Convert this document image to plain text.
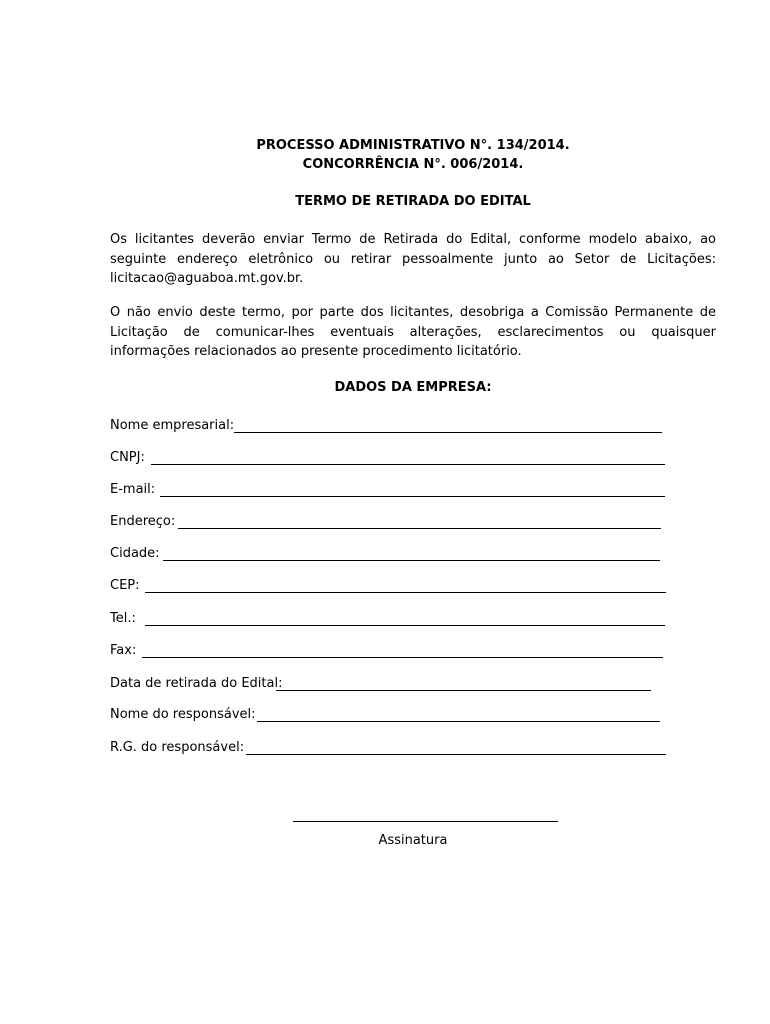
PROCESSO ADMINISTRATIVO N°. 134/2014.
CONCORRÊNCIA N°. 006/2014.
TERMO DE RETIRADA DO EDITAL
Os licitantes deverão enviar Termo de Retirada do Edital, conforme modelo abaixo, ao seguinte endereço eletrônico ou retirar pessoalmente junto ao Setor de Licitações: licitacao@aguaboa.mt.gov.br.
O não envio deste termo, por parte dos licitantes, desobriga a Comissão Permanente de Licitação de comunicar-lhes eventuais alterações, esclarecimentos ou quaisquer informações relacionados ao presente procedimento licitatório.
DADOS DA EMPRESA:
Nome empresarial:
CNPJ:
E-mail:
Endereço:
Cidade:
CEP:
Tel.:
Fax:
Data de retirada do Edital:
Nome do responsável:
R.G. do responsável:
Assinatura
